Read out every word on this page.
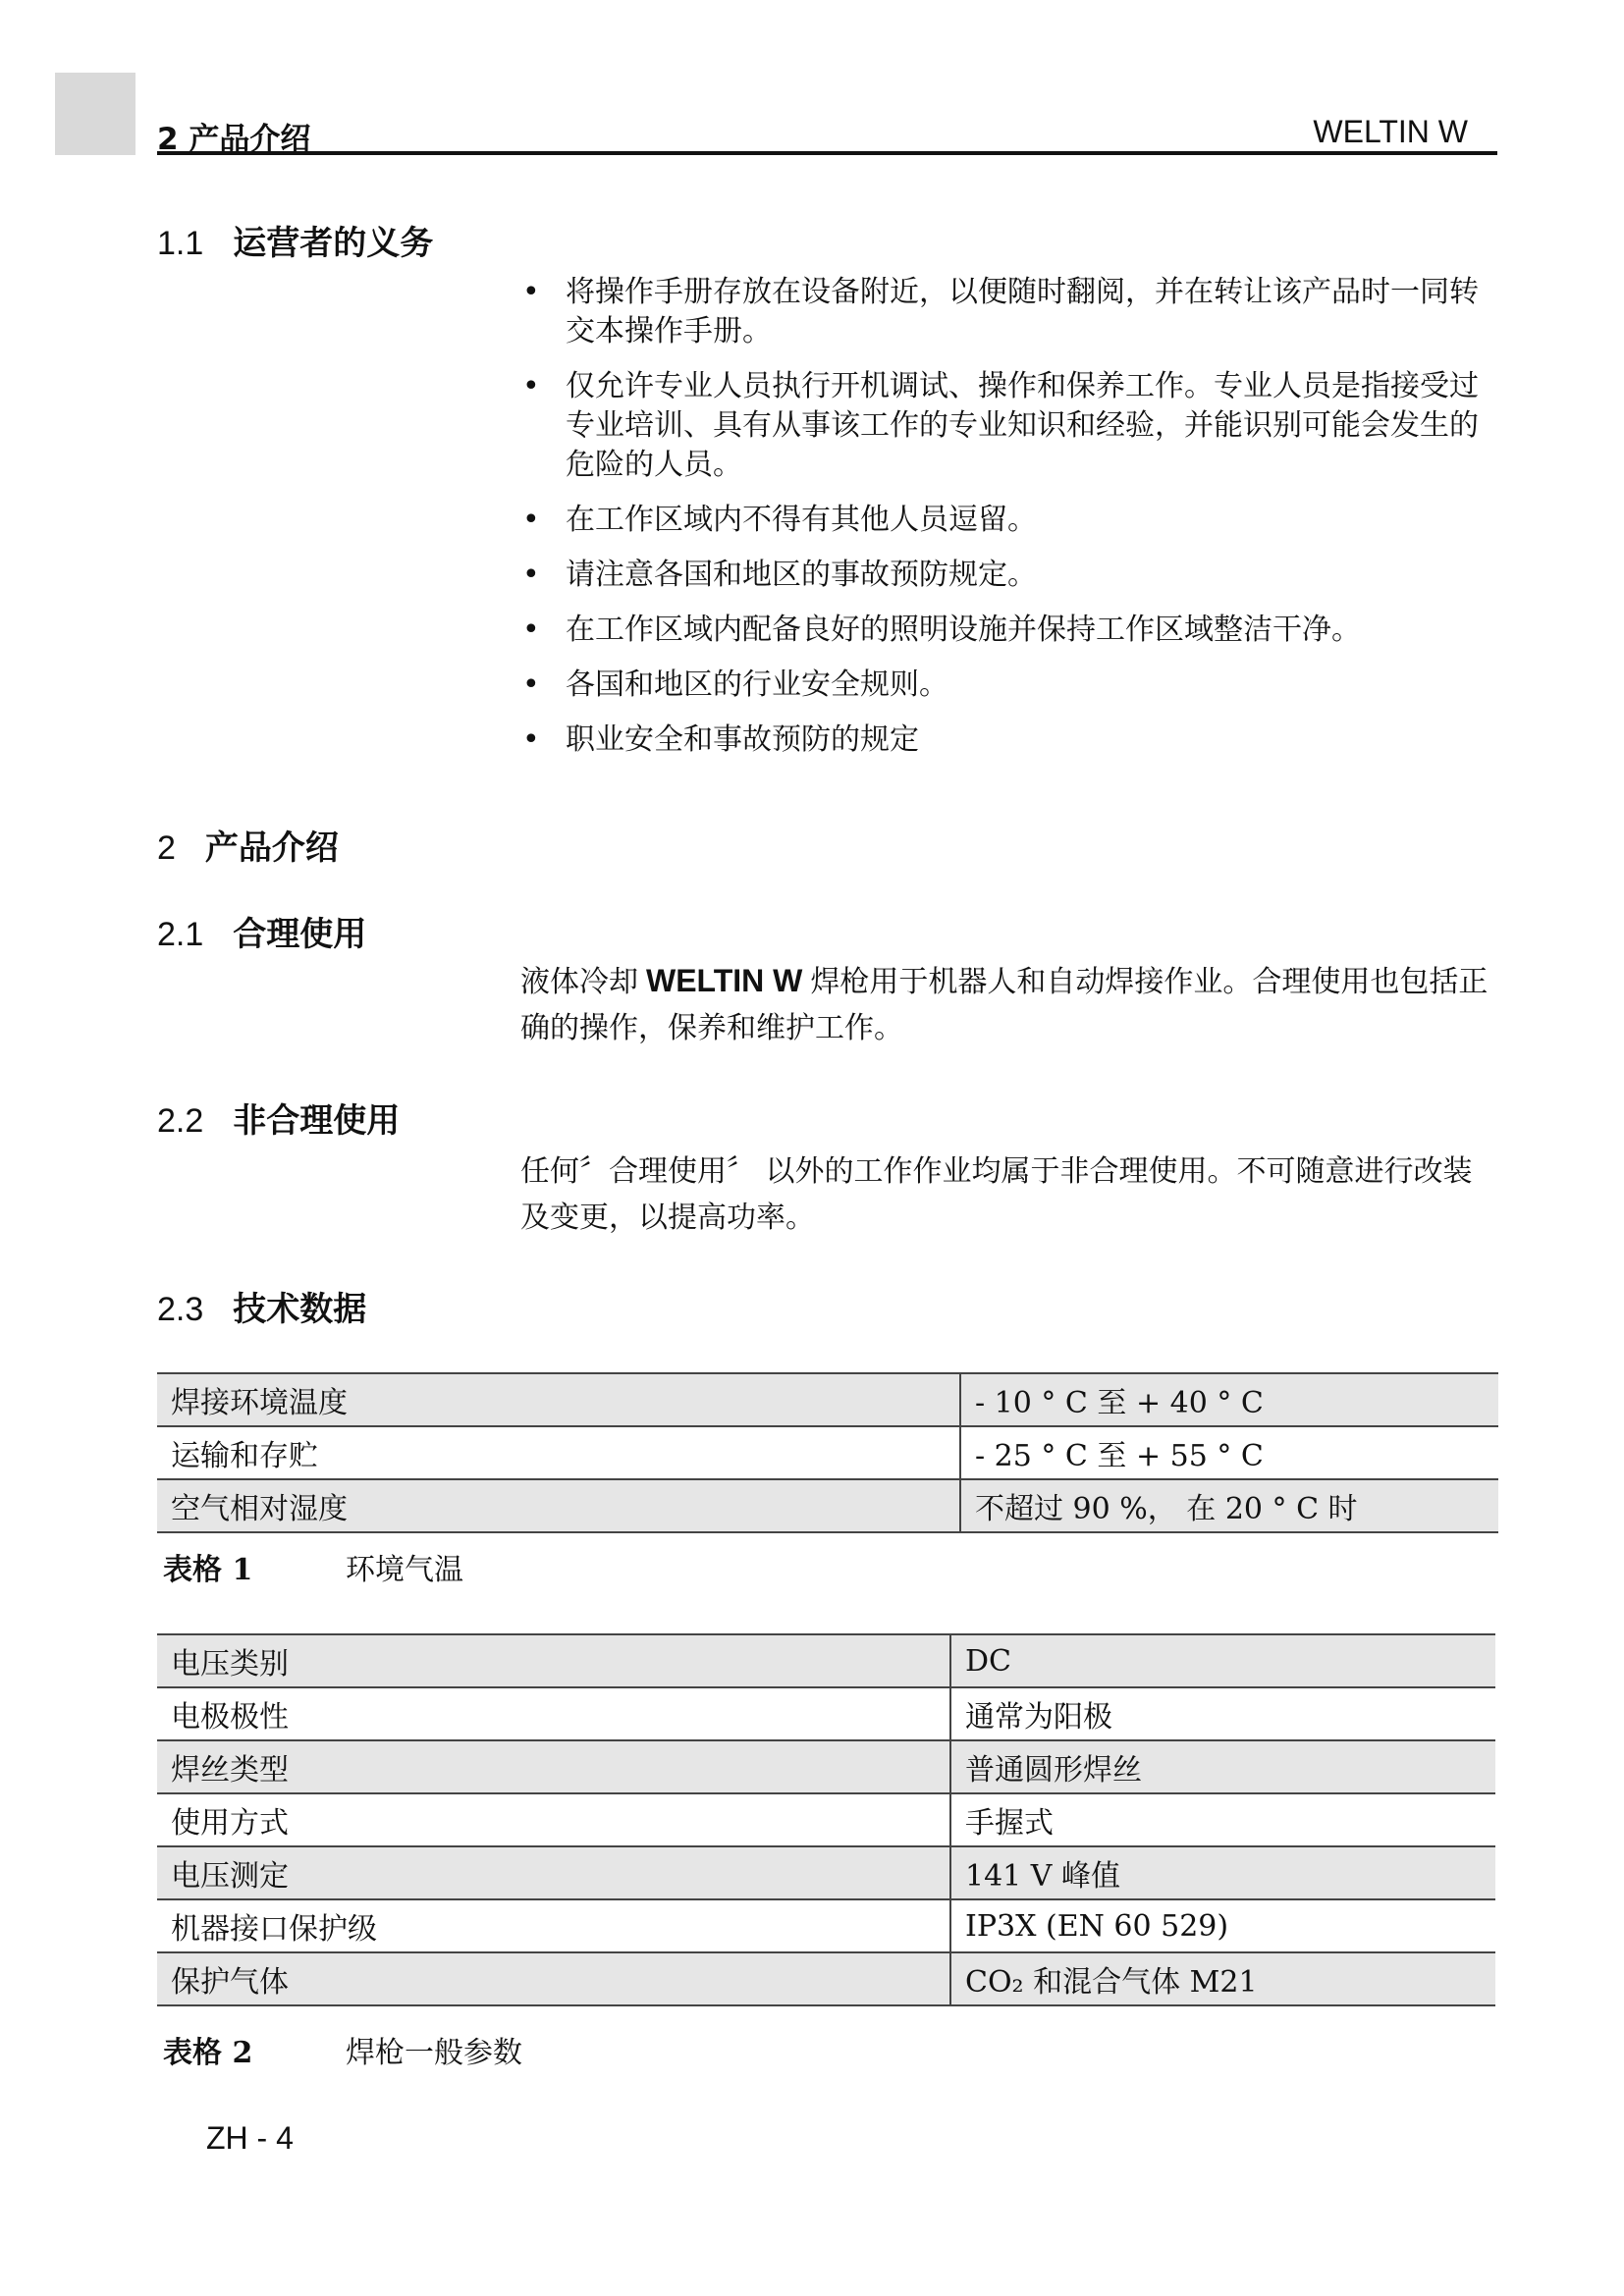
2 产品介绍	WELTIN W
1.1 运营者的义务
• 将操作手册存放在设备附近，以便随时翻阅，并在转让该产品时一同转交本操作手册。
• 仅允许专业人员执行开机调试、操作和保养工作。专业人员是指接受过专业培训、具有从事该工作的专业知识和经验，并能识别可能会发生的危险的人员。
• 在工作区域内不得有其他人员逗留。
• 请注意各国和地区的事故预防规定。
• 在工作区域内配备良好的照明设施并保持工作区域整洁干净。
• 各国和地区的行业安全规则。
• 职业安全和事故预防的规定
2 产品介绍
2.1 合理使用
液体冷却 WELTIN W 焊枪用于机器人和自动焊接作业。合理使用也包括正确的操作，保养和维护工作。
2.2 非合理使用
任何〞合理使用〞 以外的工作作业均属于非合理使用。不可随意进行改装及变更，以提高功率。
2.3 技术数据
焊接环境温度	- 10 ° C 至 + 40 ° C
运输和存贮	- 25 ° C 至 + 55 ° C
空气相对湿度	不超过 90 %， 在 20 ° C 时
表格 1	环境气温
电压类别	DC
电极极性	通常为阳极
焊丝类型	普通圆形焊丝
使用方式	手握式
电压测定	141 V 峰值
机器接口保护级	IP3X (EN 60 529)
保护气体	CO₂ 和混合气体 M21
表格 2	焊枪一般参数
ZH - 4
